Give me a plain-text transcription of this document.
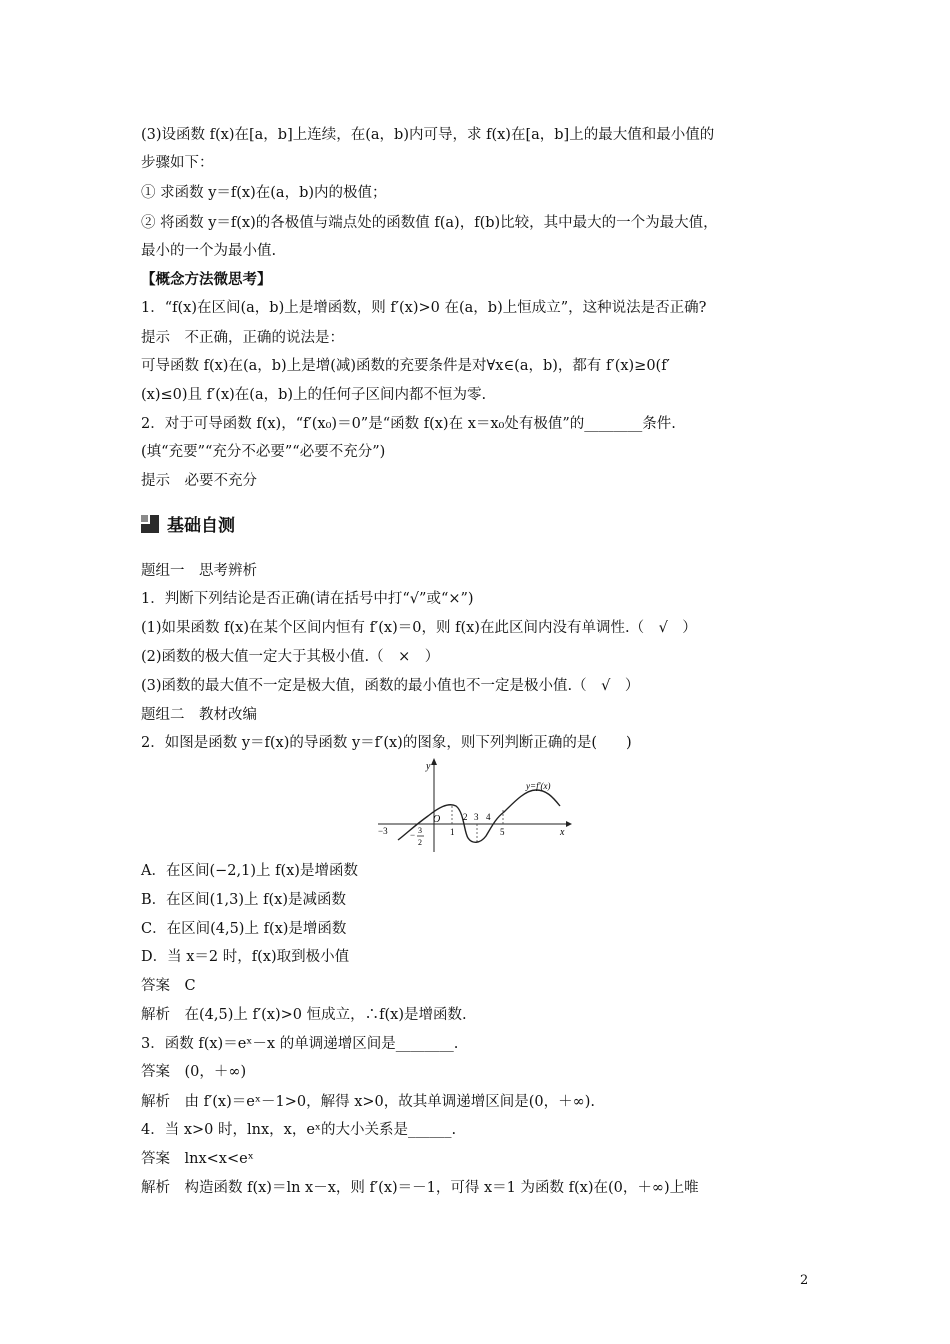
(3)设函数 f(x)在[a，b]上连续，在(a，b)内可导，求 f(x)在[a，b]上的最大值和最小值的
步骤如下：
① 求函数 y＝f(x)在(a，b)内的极值；
② 将函数 y＝f(x)的各极值与端点处的函数值 f(a)，f(b)比较，其中最大的一个为最大值，
最小的一个为最小值.
【概念方法微思考】
1．“f(x)在区间(a，b)上是增函数，则 f′(x)>0 在(a，b)上恒成立”，这种说法是否正确?
提示　不正确，正确的说法是：
可导函数 f(x)在(a，b)上是增(减)函数的充要条件是对∀x∈(a，b)，都有 f′(x)≥0(f′
(x)≤0)且 f′(x)在(a，b)上的任何子区间内都不恒为零.
2．对于可导函数 f(x)，“f′(x₀)＝0”是“函数 f(x)在 x＝x₀处有极值”的________条件.
(填“充要”“充分不必要”“必要不充分”)
提示　必要不充分
基础自测
题组一　思考辨析
1．判断下列结论是否正确(请在括号中打“√”或“×”)
(1)如果函数 f(x)在某个区间内恒有 f′(x)＝0，则 f(x)在此区间内没有单调性.（　√　）
(2)函数的极大值一定大于其极小值.（　×　）
(3)函数的最大值不一定是极大值，函数的最小值也不一定是极小值.（　√　）
题组二　教材改编
2．如图是函数 y＝f(x)的导函数 y＝f′(x)的图象，则下列判断正确的是(　　)
y
x
O
y=f′(x)
−3 − 3
2
1
2 3 4
5
A．在区间(−2,1)上 f(x)是增函数
B．在区间(1,3)上 f(x)是减函数
C．在区间(4,5)上 f(x)是增函数
D．当 x＝2 时，f(x)取到极小值
答案　C
解析　在(4,5)上 f′(x)>0 恒成立，∴f(x)是增函数.
3．函数 f(x)＝eˣ－x 的单调递增区间是________.
答案　(0，＋∞)
解析　由 f′(x)＝eˣ－1>0，解得 x>0，故其单调递增区间是(0，＋∞).
4．当 x>0 时，lnx，x，eˣ的大小关系是______.
答案　lnx<x<eˣ
解析　构造函数 f(x)＝ln x－x，则 f′(x)＝－1，可得 x＝1 为函数 f(x)在(0，＋∞)上唯
2
